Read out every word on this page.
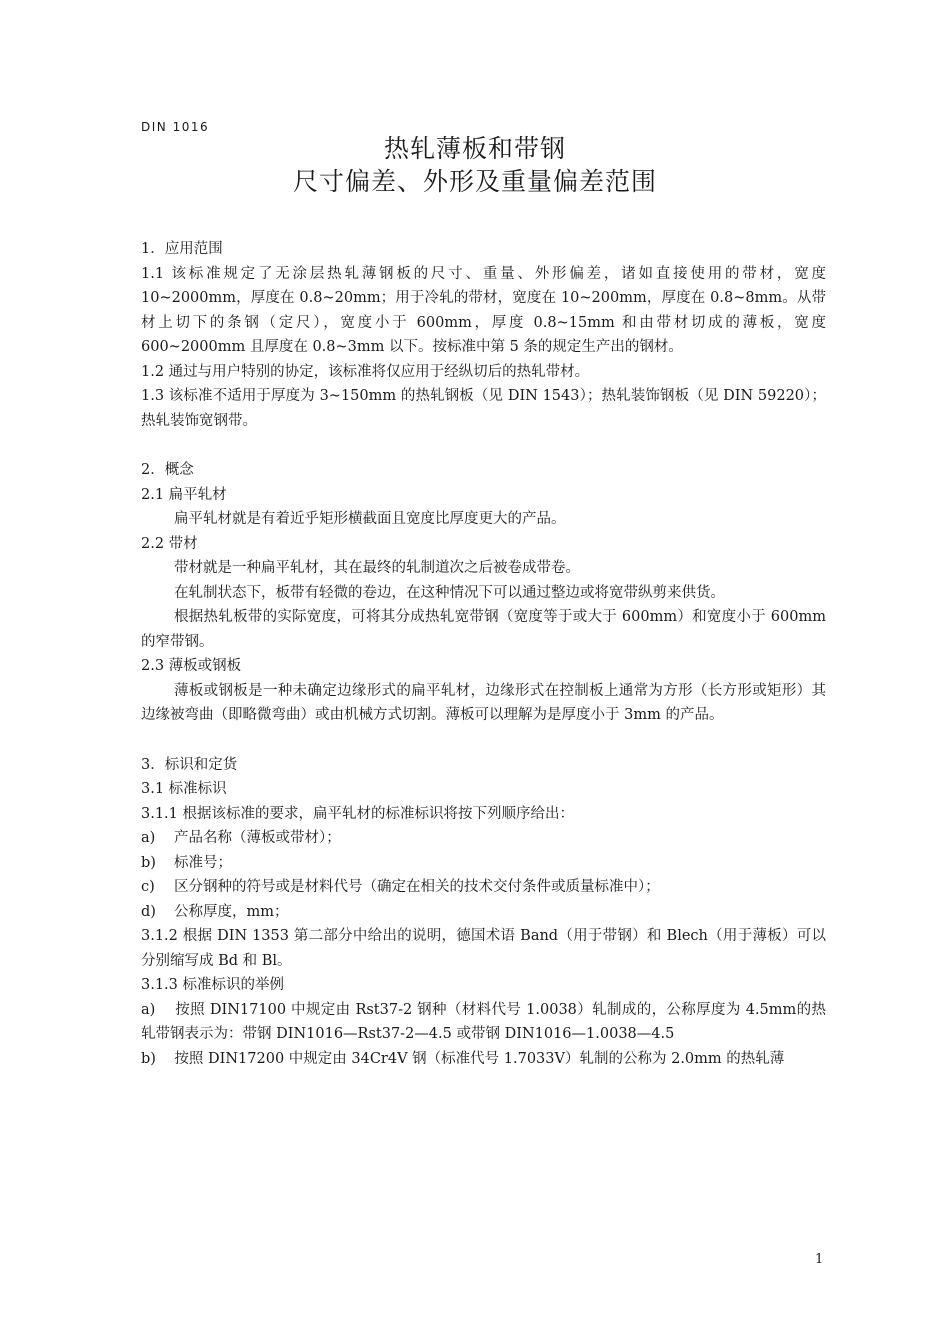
DIN 1016
热轧薄板和带钢
尺寸偏差、外形及重量偏差范围

1．应用范围

1.1 该标准规定了无涂层热轧薄钢板的尺寸、重量、外形偏差，诸如直接使用的带材，宽度10~2000mm，厚度在 0.8~20mm；用于冷轧的带材，宽度在 10~200mm，厚度在 0.8~8mm。从带材上切下的条钢（定尺），宽度小于 600mm，厚度 0.8~15mm 和由带材切成的薄板，宽度600~2000mm 且厚度在 0.8~3mm 以下。按标准中第 5 条的规定生产出的钢材。

1.2 通过与用户特别的协定，该标准将仅应用于经纵切后的热轧带材。

1.3 该标准不适用于厚度为 3~150mm 的热轧钢板（见 DIN 1543）；热轧装饰钢板（见 DIN 59220）；热轧装饰宽钢带。

2．概念

2.1 扁平轧材

扁平轧材就是有着近乎矩形横截面且宽度比厚度更大的产品。

2.2 带材

带材就是一种扁平轧材，其在最终的轧制道次之后被卷成带卷。

在轧制状态下，板带有轻微的卷边，在这种情况下可以通过整边或将宽带纵剪来供货。

根据热轧板带的实际宽度，可将其分成热轧宽带钢（宽度等于或大于 600mm）和宽度小于 600mm 的窄带钢。

2.3 薄板或钢板

薄板或钢板是一种未确定边缘形式的扁平轧材，边缘形式在控制板上通常为方形（长方形或矩形）其边缘被弯曲（即略微弯曲）或由机械方式切割。薄板可以理解为是厚度小于 3mm 的产品。

3．标识和定货

3.1 标准标识

3.1.1 根据该标准的要求，扁平轧材的标准标识将按下列顺序给出：

a)	产品名称（薄板或带材）；
b)	标准号；
c)	区分钢种的符号或是材料代号（确定在相关的技术交付条件或质量标准中）；
d)	公称厚度，mm；

3.1.2 根据 DIN 1353 第二部分中给出的说明，德国术语 Band（用于带钢）和 Blech（用于薄板）可以分别缩写成 Bd 和 Bl。

3.1.3 标准标识的举例

a) 按照 DIN17100 中规定由 Rst37-2 钢种（材料代号 1.0038）轧制成的，公称厚度为 4.5mm的热轧带钢表示为：带钢 DIN1016—Rst37-2—4.5 或带钢 DIN1016—1.0038—4.5

b) 按照 DIN17200 中规定由 34Cr4V 钢（标准代号 1.7033V）轧制的公称为 2.0mm 的热轧薄

1
